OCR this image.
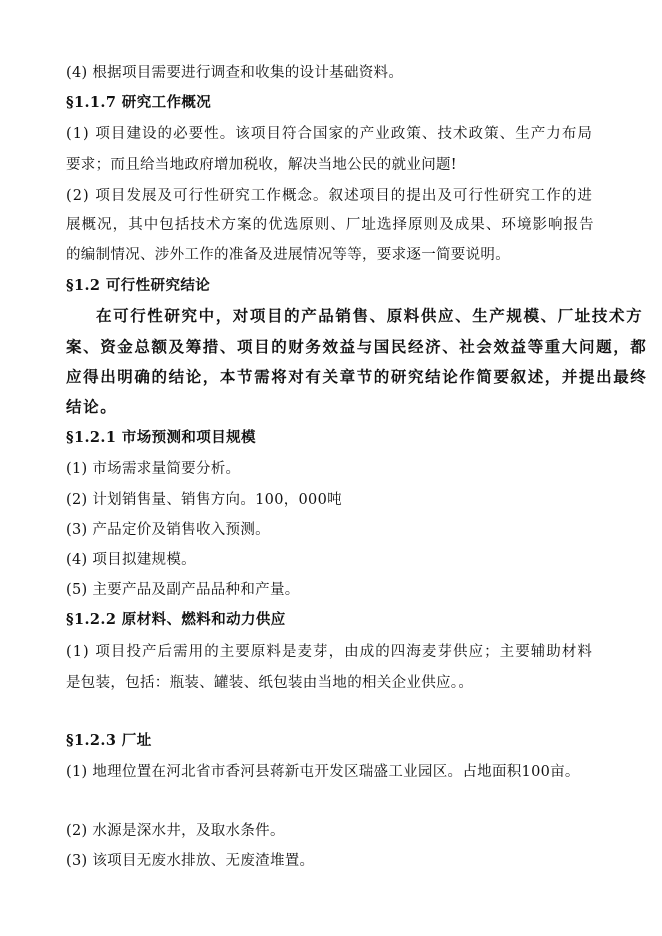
(4) 根据项目需要进行调查和收集的设计基础资料。
§1.1.7 研究工作概况
(1) 项目建设的必要性。该项目符合国家的产业政策、技术政策、生产力布局
要求；而且给当地政府增加税收，解决当地公民的就业问题!
(2) 项目发展及可行性研究工作概念。叙述项目的提出及可行性研究工作的进
展概况，其中包括技术方案的优选原则、厂址选择原则及成果、环境影响报告
的编制情况、涉外工作的准备及进展情况等等，要求逐一简要说明。
§1.2 可行性研究结论
在可行性研究中，对项目的产品销售、原料供应、生产规模、厂址技术方
案、资金总额及筹措、项目的财务效益与国民经济、社会效益等重大问题，都
应得出明确的结论，本节需将对有关章节的研究结论作简要叙述，并提出最终
结论。
§1.2.1 市场预测和项目规模
(1) 市场需求量简要分析。
(2) 计划销售量、销售方向。100，000吨
(3) 产品定价及销售收入预测。
(4) 项目拟建规模。
(5) 主要产品及副产品品种和产量。
§1.2.2 原材料、燃料和动力供应
(1) 项目投产后需用的主要原料是麦芽，由成的四海麦芽供应；主要辅助材料
是包装，包括：瓶装、罐装、纸包装由当地的相关企业供应。。
§1.2.3 厂址
(1) 地理位置在河北省市香河县蒋新屯开发区瑞盛工业园区。占地面积100亩。
(2) 水源是深水井，及取水条件。
(3) 该项目无废水排放、无废渣堆置。
